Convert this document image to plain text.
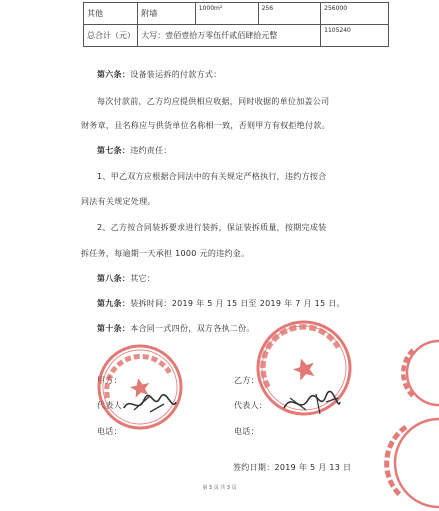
其他	附墙	1000m²	256	256000
总合计（元）	大写：壹佰壹拾万零伍仟贰佰肆拾元整			1105240
第六条：设备装运拆的付款方式：
每次付款前，乙方均应提供相应收据，同时收据的单位加盖公司
财务章，且名称应与供货单位名称相一致，否则甲方有权拒绝付款。
第七条：违约责任：
1、甲乙双方应根据合同法中的有关规定严格执行，违约方按合
同法有关规定处理。
2、乙方按合同装拆要求进行装拆，保证装拆质量，按期完成装
拆任务，每逾期一天承担 1000 元的违约金。
第八条：其它：
第九条：装拆时间：2019 年 5 月 15 日至 2019 年 7 月 15 日。
第十条：本合同一式四份，双方各执二份。
甲方：
代表人：
电话：
乙方：
代表人：
电话：
签约日期：2019 年 5 月 13 日
第 3 页 共 3 页
